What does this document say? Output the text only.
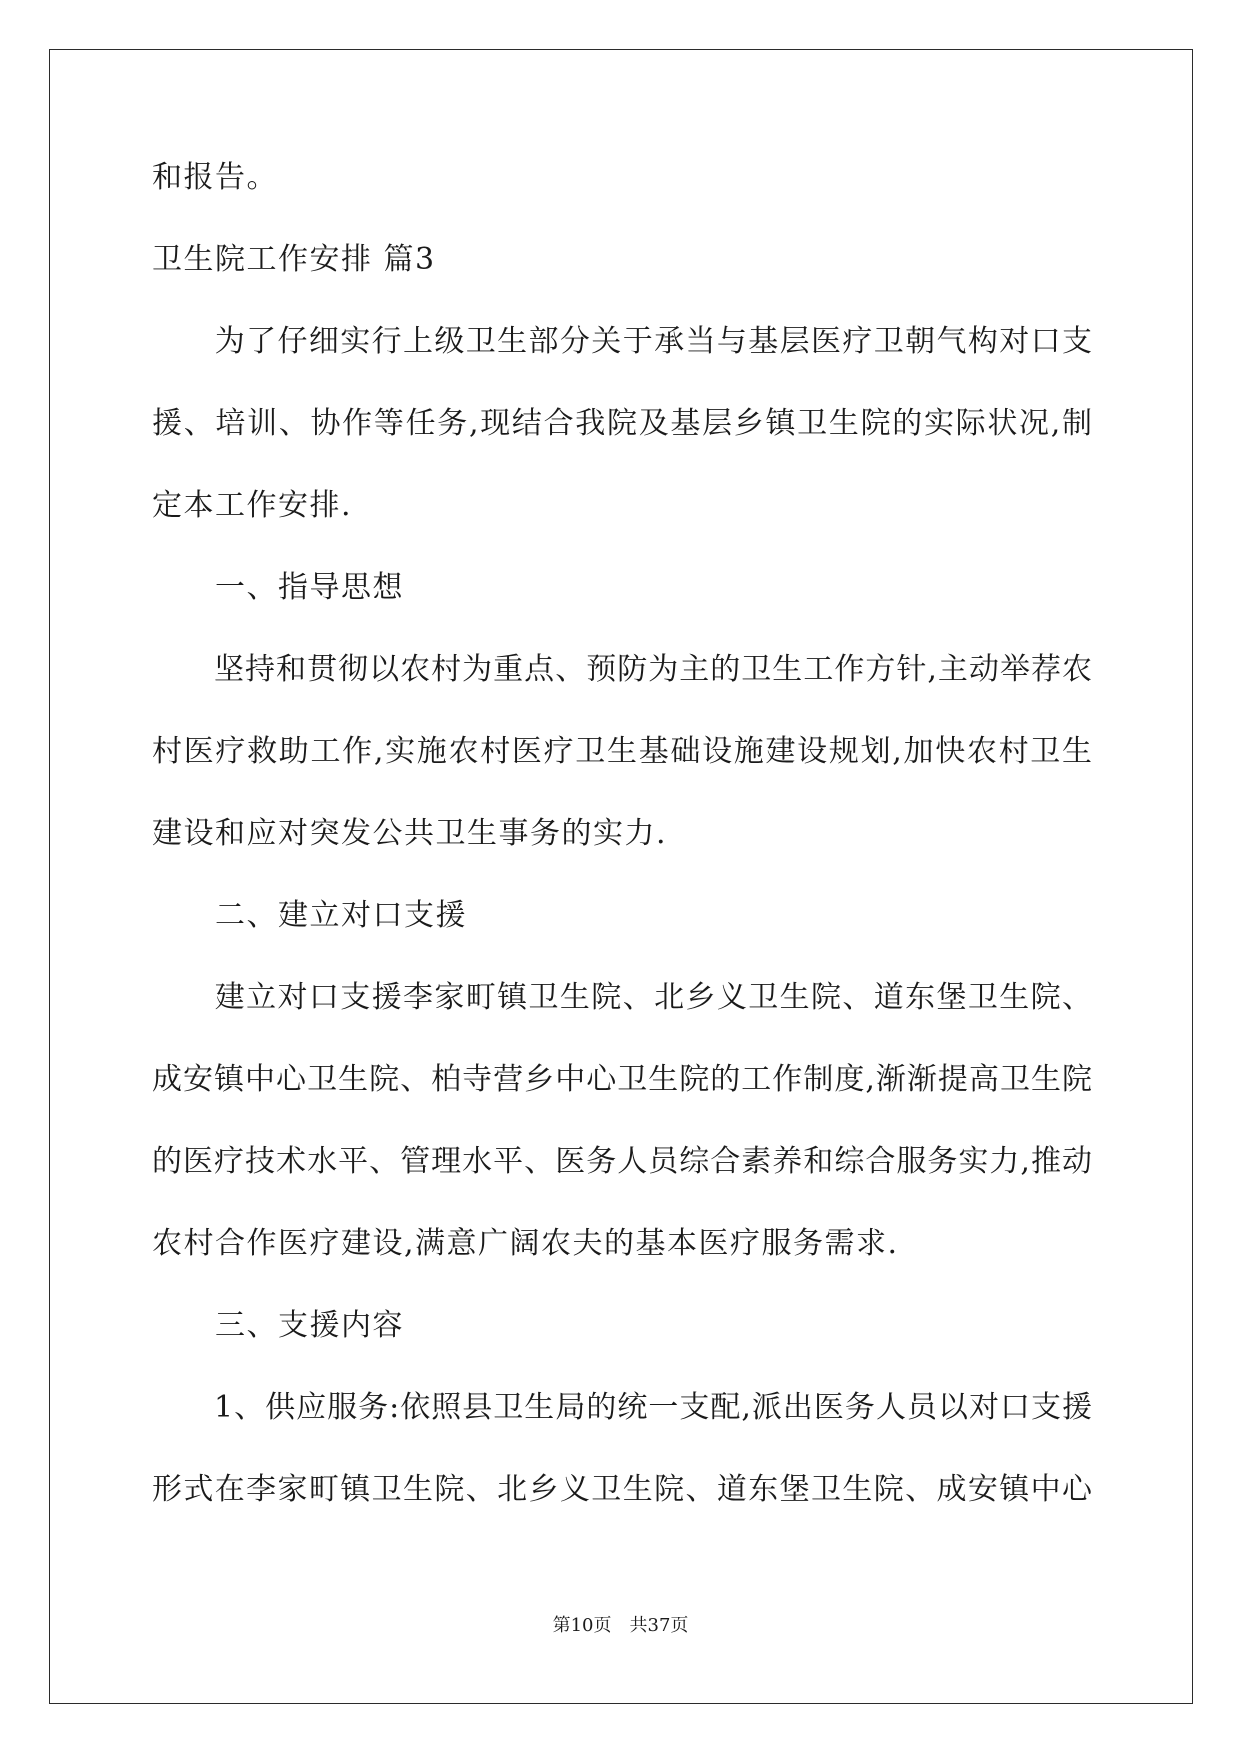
和报告。
卫生院工作安排 篇3
　　为了仔细实行上级卫生部分关于承当与基层医疗卫朝气构对口支
援、培训、协作等任务,现结合我院及基层乡镇卫生院的实际状况,制
定本工作安排.
　　一、指导思想
　　坚持和贯彻以农村为重点、预防为主的卫生工作方针,主动举荐农
村医疗救助工作,实施农村医疗卫生基础设施建设规划,加快农村卫生
建设和应对突发公共卫生事务的实力.
　　二、建立对口支援
　　建立对口支援李家町镇卫生院、北乡义卫生院、道东堡卫生院、
成安镇中心卫生院、柏寺营乡中心卫生院的工作制度,渐渐提高卫生院
的医疗技术水平、管理水平、医务人员综合素养和综合服务实力,推动
农村合作医疗建设,满意广阔农夫的基本医疗服务需求.
　　三、支援内容
　　1、供应服务:依照县卫生局的统一支配,派出医务人员以对口支援
形式在李家町镇卫生院、北乡义卫生院、道东堡卫生院、成安镇中心
第10页　共37页
